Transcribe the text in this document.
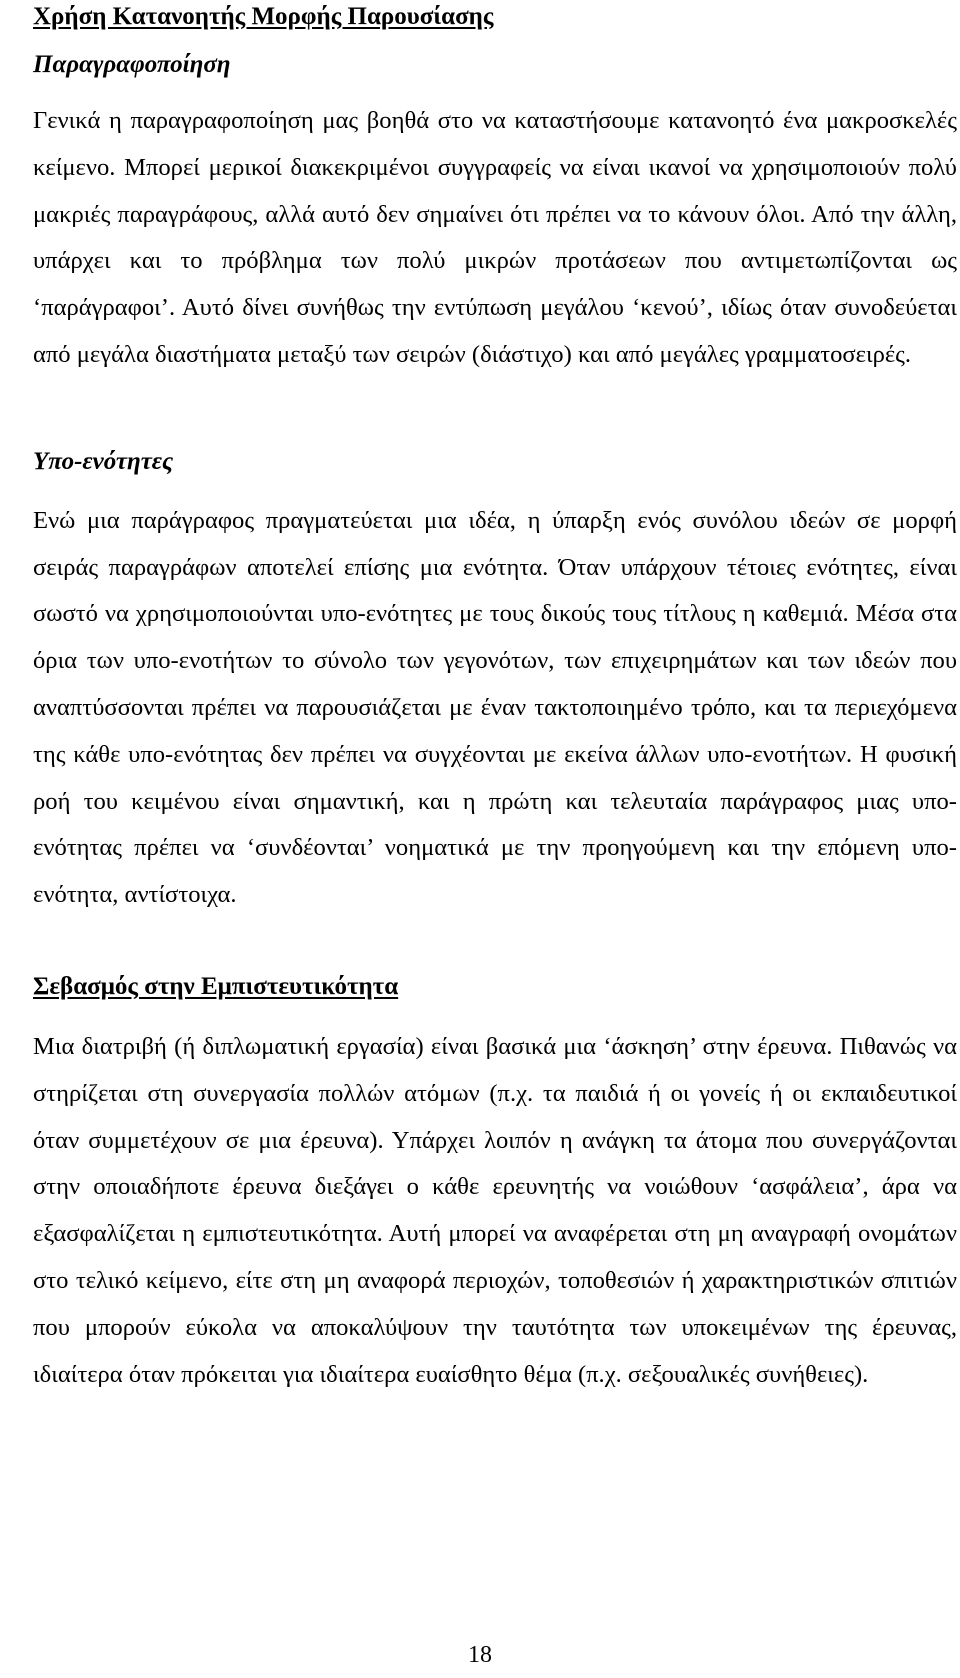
Χρήση Κατανοητής Μορφής Παρουσίασης
Παραγραφοποίηση

Γενικά η παραγραφοποίηση μας βοηθά στο να καταστήσουμε κατανοητό ένα μακροσκελές κείμενο. Μπορεί μερικοί διακεκριμένοι συγγραφείς να είναι ικανοί να χρησιμοποιούν πολύ μακριές παραγράφους, αλλά αυτό δεν σημαίνει ότι πρέπει να το κάνουν όλοι. Από την άλλη, υπάρχει και το πρόβλημα των πολύ μικρών προτάσεων που αντιμετωπίζονται ως ‘παράγραφοι’. Αυτό δίνει συνήθως την εντύπωση μεγάλου ‘κενού’, ιδίως όταν συνοδεύεται από μεγάλα διαστήματα μεταξύ των σειρών (διάστιχο) και από μεγάλες γραμματοσειρές.

Υπο-ενότητες

Ενώ μια παράγραφος πραγματεύεται μια ιδέα, η ύπαρξη ενός συνόλου ιδεών σε μορφή σειράς παραγράφων αποτελεί επίσης μια ενότητα. Όταν υπάρχουν τέτοιες ενότητες, είναι σωστό να χρησιμοποιούνται υπο-ενότητες με τους δικούς τους τίτλους η καθεμιά. Μέσα στα όρια των υπο-ενοτήτων το σύνολο των γεγονότων, των επιχειρημάτων και των ιδεών που αναπτύσσονται πρέπει να παρουσιάζεται με έναν τακτοποιημένο τρόπο, και τα περιεχόμενα της κάθε υπο-ενότητας δεν πρέπει να συγχέονται με εκείνα άλλων υπο-ενοτήτων. Η φυσική ροή του κειμένου είναι σημαντική, και η πρώτη και τελευταία παράγραφος μιας υπο-ενότητας πρέπει να ‘συνδέονται’ νοηματικά με την προηγούμενη και την επόμενη υπο-ενότητα, αντίστοιχα.

Σεβασμός στην Εμπιστευτικότητα

Μια διατριβή (ή διπλωματική εργασία) είναι βασικά μια ‘άσκηση’ στην έρευνα. Πιθανώς να στηρίζεται στη συνεργασία πολλών ατόμων (π.χ. τα παιδιά ή οι γονείς ή οι εκπαιδευτικοί όταν συμμετέχουν σε μια έρευνα). Υπάρχει λοιπόν η ανάγκη τα άτομα που συνεργάζονται στην οποιαδήποτε έρευνα διεξάγει ο κάθε ερευνητής να νοιώθουν ‘ασφάλεια’, άρα να εξασφαλίζεται η εμπιστευτικότητα. Αυτή μπορεί να αναφέρεται στη μη αναγραφή ονομάτων στο τελικό κείμενο, είτε στη μη αναφορά περιοχών, τοποθεσιών ή χαρακτηριστικών σπιτιών που μπορούν εύκολα να αποκαλύψουν την ταυτότητα των υποκειμένων της έρευνας, ιδιαίτερα όταν πρόκειται για ιδιαίτερα ευαίσθητο θέμα (π.χ. σεξουαλικές συνήθειες).

18
